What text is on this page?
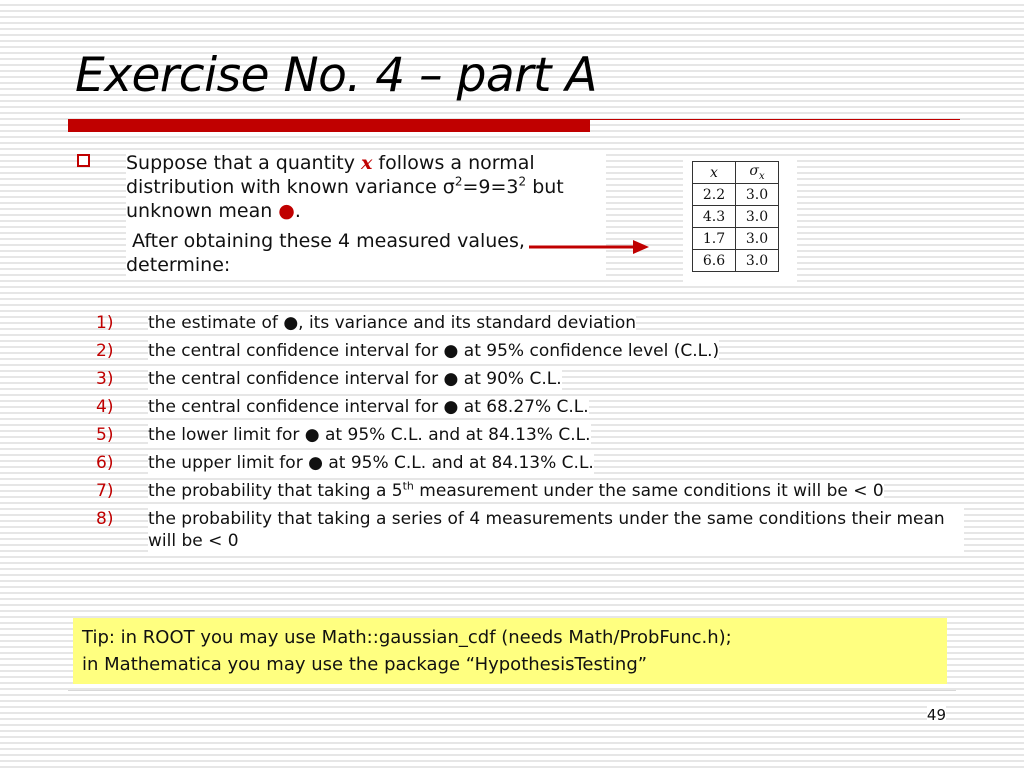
Exercise No. 4 – part A
Suppose that a quantity x follows a normal distribution with known variance $\sigma^2=9=3^2$ but unknown mean ●.
After obtaining these 4 measured values, determine:
x	$\sigma_x$
2.2	3.0
4.3	3.0
1.7	3.0
6.6	3.0
1) the estimate of ●, its variance and its standard deviation
2) the central confidence interval for ● at 95% confidence level (C.L.)
3) the central confidence interval for ● at 90% C.L.
4) the central confidence interval for ● at 68.27% C.L.
5) the lower limit for ● at 95% C.L. and at 84.13% C.L.
6) the upper limit for ● at 95% C.L. and at 84.13% C.L.
7) the probability that taking a 5th measurement under the same conditions it will be < 0
8) the probability that taking a series of 4 measurements under the same conditions their mean will be < 0
Tip: in ROOT you may use Math::gaussian_cdf (needs Math/ProbFunc.h);
in Mathematica you may use the package “HypothesisTesting”
49
